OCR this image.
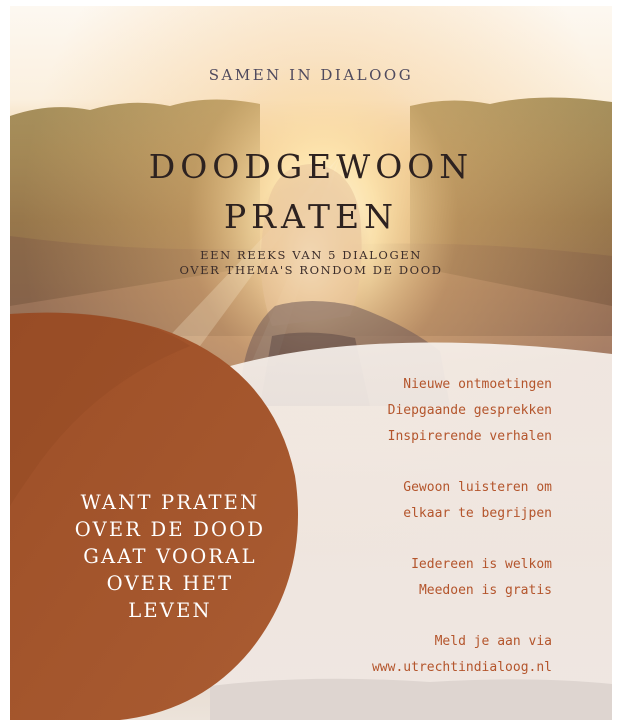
SAMEN IN DIALOOG
DOODGEWOON
PRATEN
EEN REEKS VAN 5 DIALOGEN
OVER THEMA'S RONDOM DE DOOD
WANT PRATEN
OVER DE DOOD
GAAT VOORAL
OVER HET
LEVEN
Nieuwe ontmoetingen
Diepgaande gesprekken
Inspirerende verhalen
Gewoon luisteren om
elkaar te begrijpen
Iedereen is welkom
Meedoen is gratis
Meld je aan via
www.utrechtindialoog.nl
